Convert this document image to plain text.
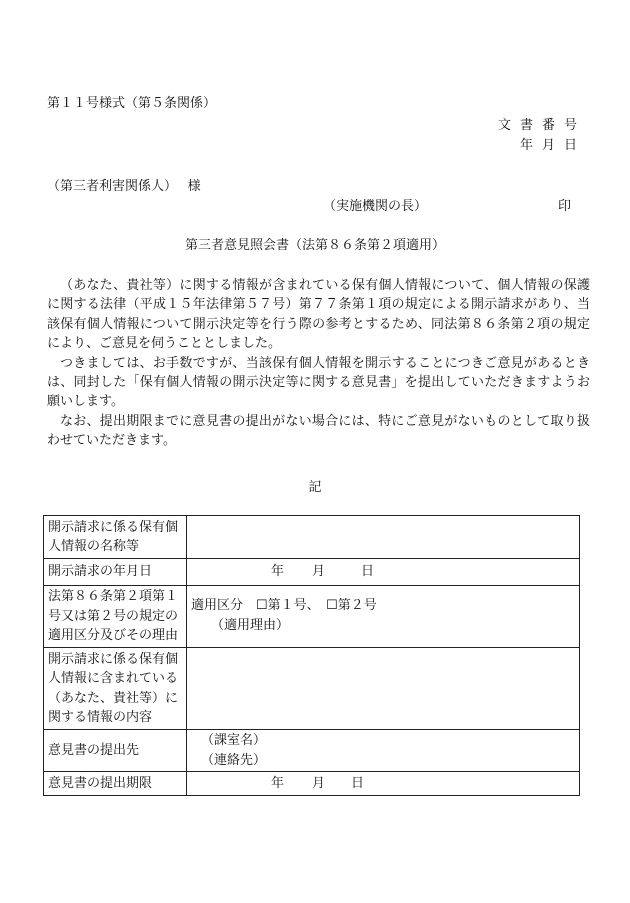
第１１号様式（第５条関係）
文書番号
年月日
（第三者利害関係人）　 様
（実施機関の長）	印
第三者意見照会書（法第８６条第２項適用）

（あなた、貴社等）に関する情報が含まれている保有個人情報について、個人情報の保護に関する法律（平成１５年法律第５７号）第７７条第１項の規定による開示請求があり、当該保有個人情報について開示決定等を行う際の参考とするため、同法第８６条第２項の規定により、ご意見を伺うこととしました。

つきましては、お手数ですが、当該保有個人情報を開示することにつきご意見があるときは、同封した「保有個人情報の開示決定等に関する意見書」を提出していただきますようお願いします。

なお、提出期限までに意見書の提出がない場合には、特にご意見がないものとして取り扱わせていただきます。

記
開示請求に係る保有個人情報の名称等	
開示請求の年月日	年 月 日
法第８６条第２項第１号又は第２号の規定の適用区分及びその理由	適用区分　☐第１号、　☐第２号
（適用理由）

開示請求に係る保有個人情報に含まれている（あなた、貴社等）に関する情報の内容	
意見書の提出先	（課室名）
（連絡先）

意見書の提出期限	年 月 日
